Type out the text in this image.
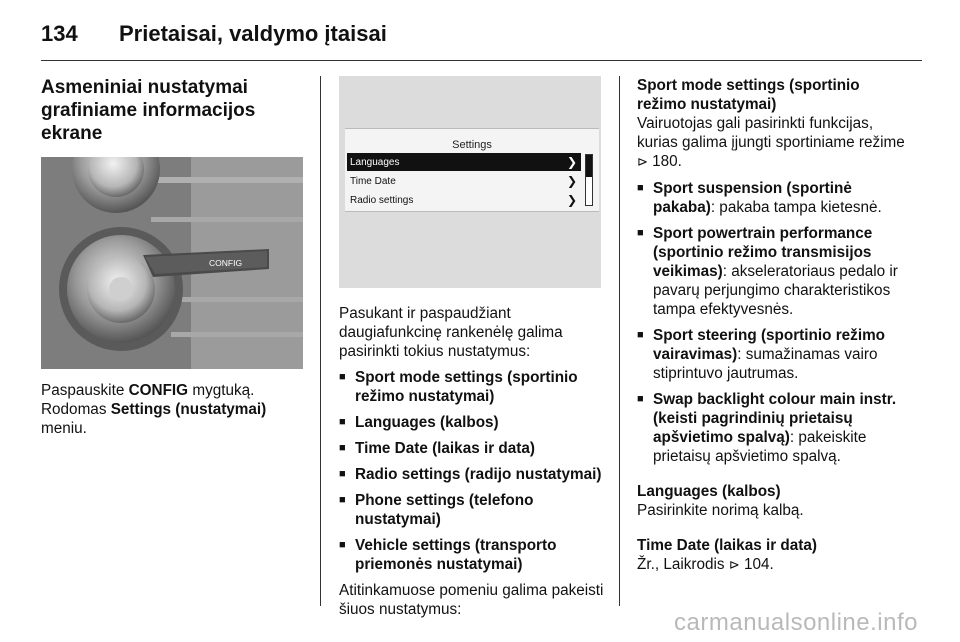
134	Prietaisai, valdymo įtaisai
Asmeniniai nustatymai
grafiniame informacijos ekrane
CONFIG

Paspauskite CONFIG mygtuką.

Rodomas Settings (nustatymai)
meniu.

Settings
Languages	❯
Time Date	❯
Radio settings	❯

Pasukant ir paspaudžiant daugiafunkcinę rankenėlę galima pasirinkti tokius nustatymus:

■ Sport mode settings (sportinio režimo nustatymai)
■ Languages (kalbos)
■ Time Date (laikas ir data)
■ Radio settings (radijo nustatymai)
■ Phone settings (telefono nustatymai)
■ Vehicle settings (transporto priemonės nustatymai)

Atitinkamuose pomeniu galima pakeisti šiuos nustatymus:

Sport mode settings (sportinio režimo nustatymai)

Vairuotojas gali pasirinkti funkcijas, kurias galima įjungti sportiniame režime ⊳ 180.

■ Sport suspension (sportinė pakaba): pakaba tampa kietesnė.
■ Sport powertrain performance (sportinio režimo transmisijos veikimas): akseleratoriaus pedalo ir pavarų perjungimo charakteristikos tampa efektyvesnės.
■ Sport steering (sportinio režimo vairavimas): sumažinamas vairo stiprintuvo jautrumas.
■ Swap backlight colour main instr. (keisti pagrindinių prietaisų apšvietimo spalvą): pakeiskite prietaisų apšvietimo spalvą.

Languages (kalbos)

Pasirinkite norimą kalbą.

Time Date (laikas ir data)

Žr., Laikrodis ⊳ 104.

carmanualsonline.info
